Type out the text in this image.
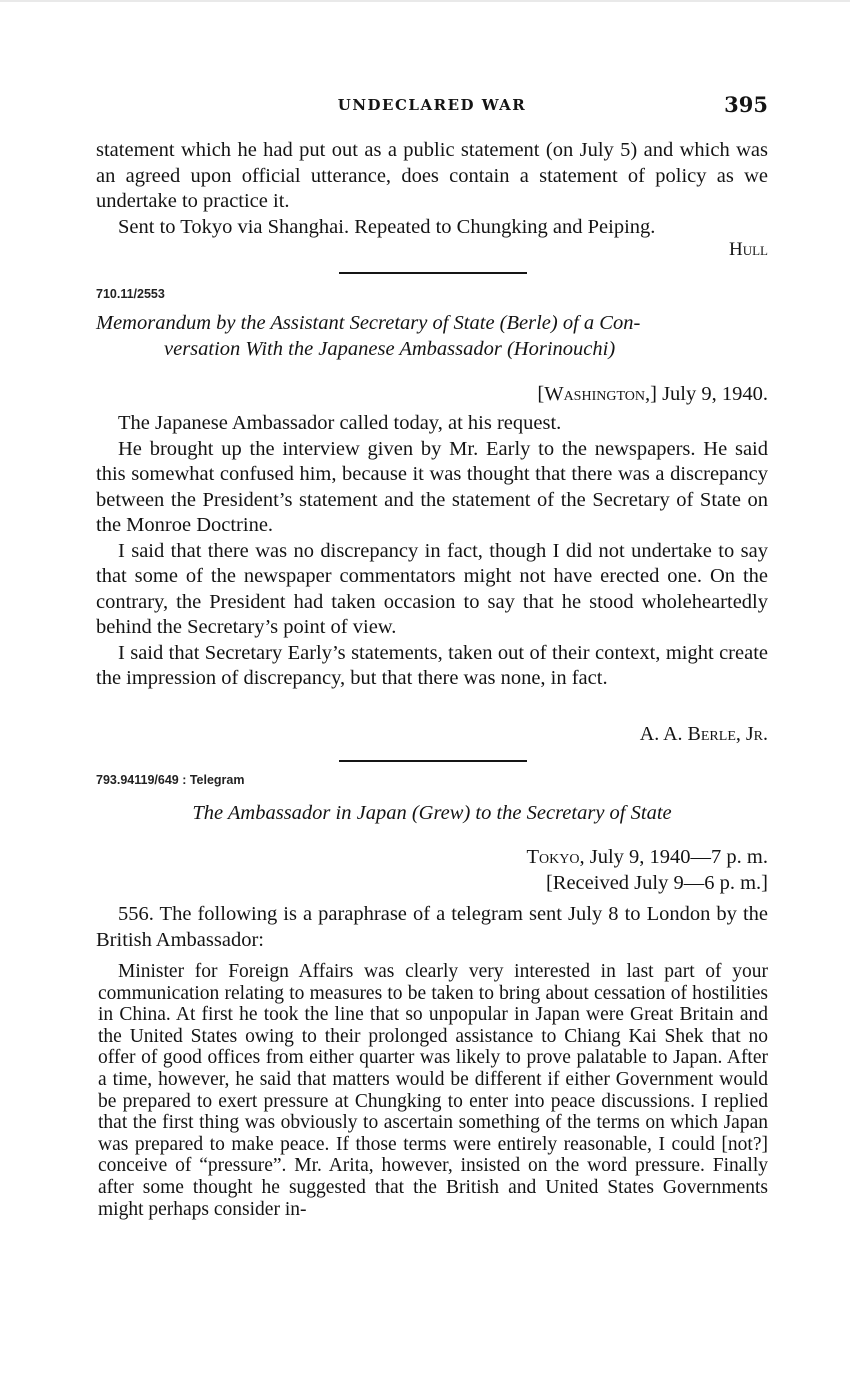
UNDECLARED WAR	395

statement which he had put out as a public statement (on July 5) and which was an agreed upon official utterance, does contain a statement of policy as we undertake to practice it.

Sent to Tokyo via Shanghai. Repeated to Chungking and Peiping.

Hull
710.11/2553
Memorandum by the Assistant Secretary of State (Berle) of a Con-
versation With the Japanese Ambassador (Horinouchi)
[Washington,] July 9, 1940.

The Japanese Ambassador called today, at his request.

He brought up the interview given by Mr. Early to the newspapers. He said this somewhat confused him, because it was thought that there was a discrepancy between the President’s statement and the statement of the Secretary of State on the Monroe Doctrine.

I said that there was no discrepancy in fact, though I did not undertake to say that some of the newspaper commentators might not have erected one. On the contrary, the President had taken occasion to say that he stood wholeheartedly behind the Secretary’s point of view.

I said that Secretary Early’s statements, taken out of their context, might create the impression of discrepancy, but that there was none, in fact.

A. A. Berle, Jr.
793.94119/649 : Telegram
The Ambassador in Japan (Grew) to the Secretary of State
Tokyo, July 9, 1940—7 p. m.
[Received July 9—6 p. m.]

556. The following is a paraphrase of a telegram sent July 8 to London by the British Ambassador:

Minister for Foreign Affairs was clearly very interested in last part of your communication relating to measures to be taken to bring about cessation of hostilities in China. At first he took the line that so unpopular in Japan were Great Britain and the United States owing to their prolonged assistance to Chiang Kai Shek that no offer of good offices from either quarter was likely to prove palatable to Japan. After a time, however, he said that matters would be different if either Government would be prepared to exert pressure at Chungking to enter into peace discussions. I replied that the first thing was obviously to ascertain something of the terms on which Japan was prepared to make peace. If those terms were entirely reasonable, I could [not?] conceive of “pressure”. Mr. Arita, however, insisted on the word pressure. Finally after some thought he suggested that the British and United States Governments might perhaps consider in-
